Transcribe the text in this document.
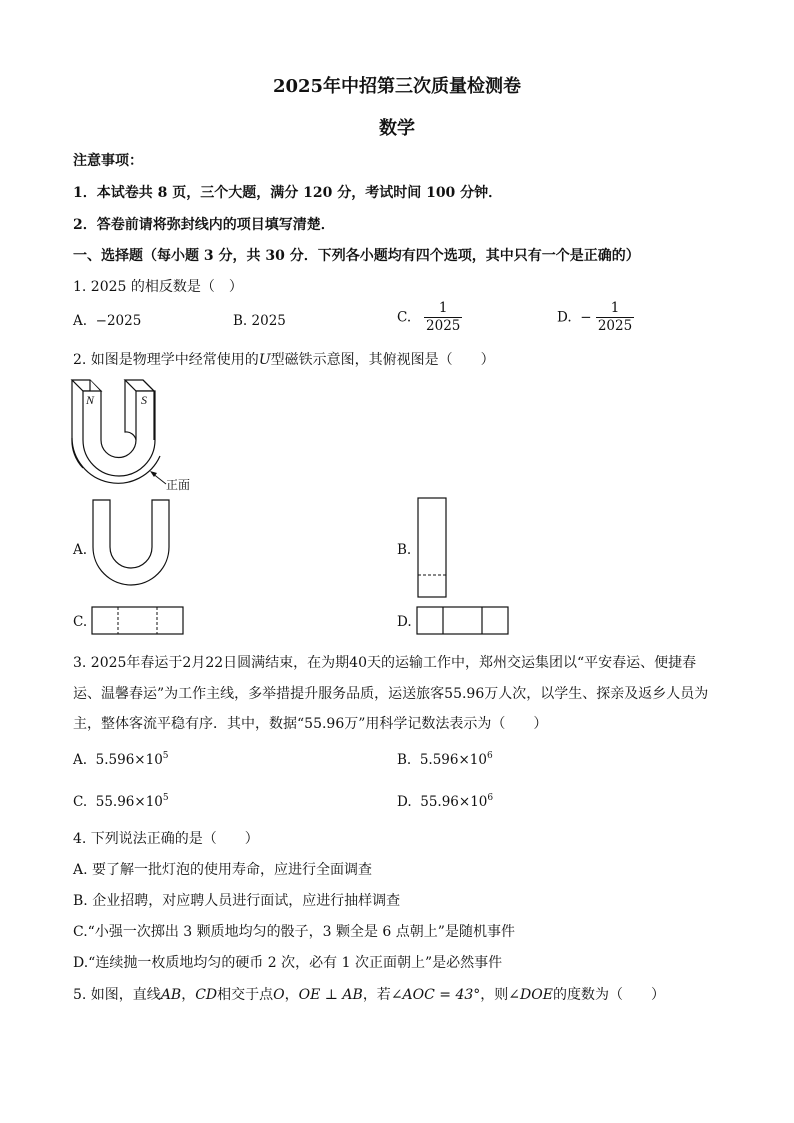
2025年中招第三次质量检测卷
数学
注意事项：
1．本试卷共 8 页，三个大题，满分 120 分，考试时间 100 分钟．
2．答卷前请将弥封线内的项目填写清楚．
一、选择题（每小题 3 分，共 30 分．下列各小题均有四个选项，其中只有一个是正确的）
1. 2025 的相反数是（　）
A. −2025	B. 2025	C. $\frac{1}{2025}$	D. − $\frac{1}{2025}$
2. 如图是物理学中经常使用的U型磁铁示意图，其俯视图是（　　）
N	S
正面
A.	B.
C.	D.
3. 2025年春运于2月22日圆满结束，在为期40天的运输工作中，郑州交运集团以“平安春运、便捷春
运、温馨春运”为工作主线，多举措提升服务品质，运送旅客55.96万人次，以学生、探亲及返乡人员为
主，整体客流平稳有序．其中，数据“55.96万”用科学记数法表示为（　　）
A. $5.596\times 10^5$	B. $5.596\times 10^6$
C. $55.96\times 10^5$	D. $55.96\times 10^6$
4. 下列说法正确的是（　　）
A. 要了解一批灯泡的使用寿命，应进行全面调查
B. 企业招聘，对应聘人员进行面试，应进行抽样调查
C.“小强一次掷出 3 颗质地均匀的骰子，3 颗全是 6 点朝上”是随机事件
D.“连续抛一枚质地均匀的硬币 2 次，必有 1 次正面朝上”是必然事件
5. 如图，直线AB，CD相交于点O，OE ⊥ AB，若∠AOC = 43°，则∠DOE的度数为（　　）
